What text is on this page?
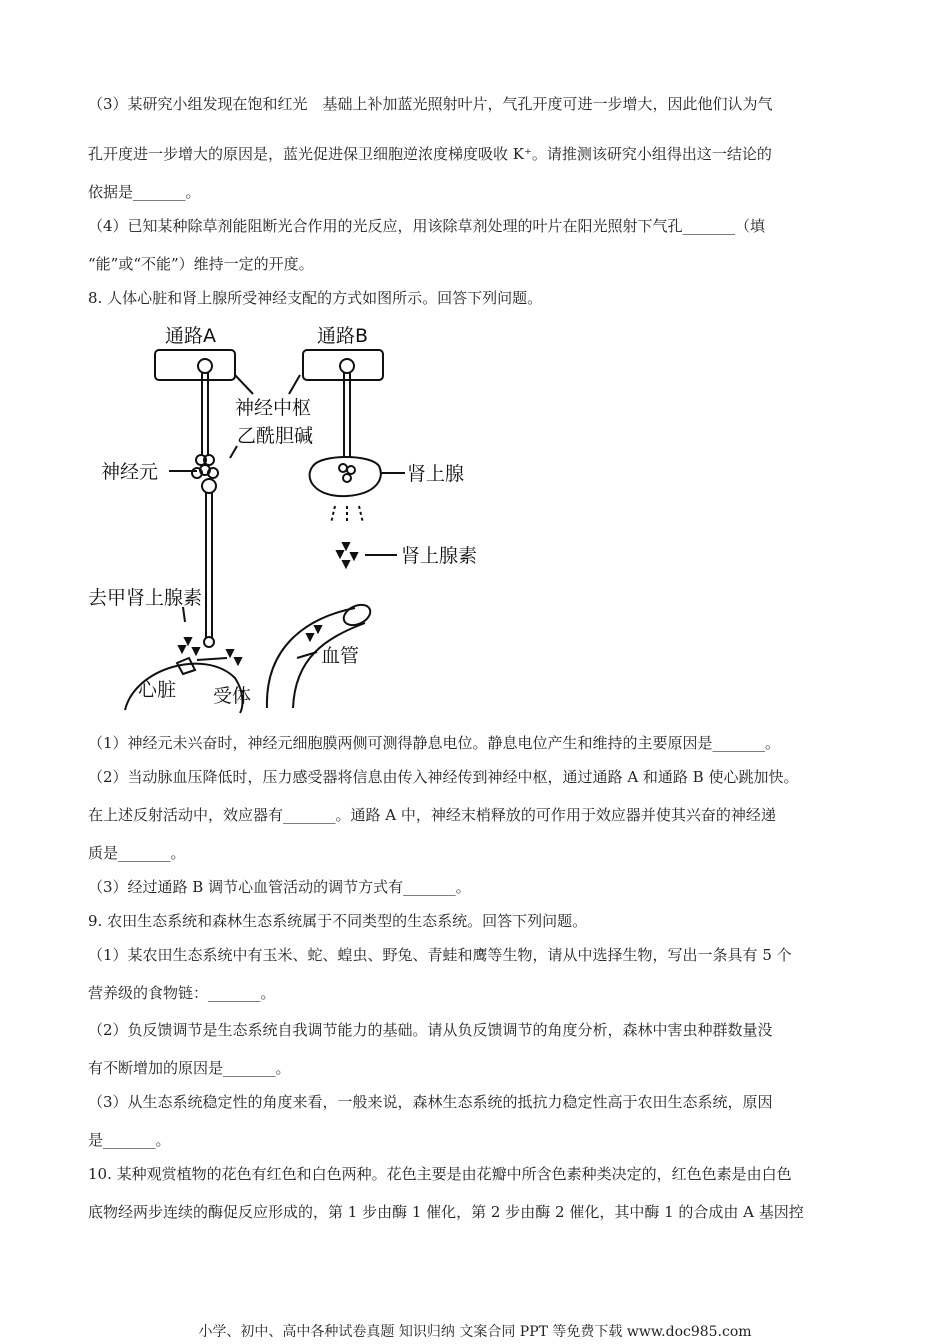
（3）某研究小组发现在饱和红光　基础上补加蓝光照射叶片，气孔开度可进一步增大，因此他们认为气
孔开度进一步增大的原因是，蓝光促进保卫细胞逆浓度梯度吸收 K⁺。请推测该研究小组得出这一结论的
依据是_______。
（4）已知某种除草剂能阻断光合作用的光反应，用该除草剂处理的叶片在阳光照射下气孔_______（填
“能”或“不能”）维持一定的开度。
8. 人体心脏和肾上腺所受神经支配的方式如图所示。回答下列问题。
通路A	通路B
神经中枢
乙酰胆碱
神经元	肾上腺
肾上腺素
去甲肾上腺素
血管
心脏 受体
（1）神经元未兴奋时，神经元细胞膜两侧可测得静息电位。静息电位产生和维持的主要原因是_______。
（2）当动脉血压降低时，压力感受器将信息由传入神经传到神经中枢，通过通路 A 和通路 B 使心跳加快。
在上述反射活动中，效应器有_______。通路 A 中，神经末梢释放的可作用于效应器并使其兴奋的神经递
质是_______。
（3）经过通路 B 调节心血管活动的调节方式有_______。
9. 农田生态系统和森林生态系统属于不同类型的生态系统。回答下列问题。
（1）某农田生态系统中有玉米、蛇、蝗虫、野兔、青蛙和鹰等生物，请从中选择生物，写出一条具有 5 个
营养级的食物链：_______。
（2）负反馈调节是生态系统自我调节能力的基础。请从负反馈调节的角度分析，森林中害虫种群数量没
有不断增加的原因是_______。
（3）从生态系统稳定性的角度来看，一般来说，森林生态系统的抵抗力稳定性高于农田生态系统，原因
是_______。
10. 某种观赏植物的花色有红色和白色两种。花色主要是由花瓣中所含色素种类决定的，红色色素是由白色
底物经两步连续的酶促反应形成的，第 1 步由酶 1 催化，第 2 步由酶 2 催化，其中酶 1 的合成由 A 基因控
小学、初中、高中各种试卷真题 知识归纳 文案合同 PPT 等免费下载 www.doc985.com
